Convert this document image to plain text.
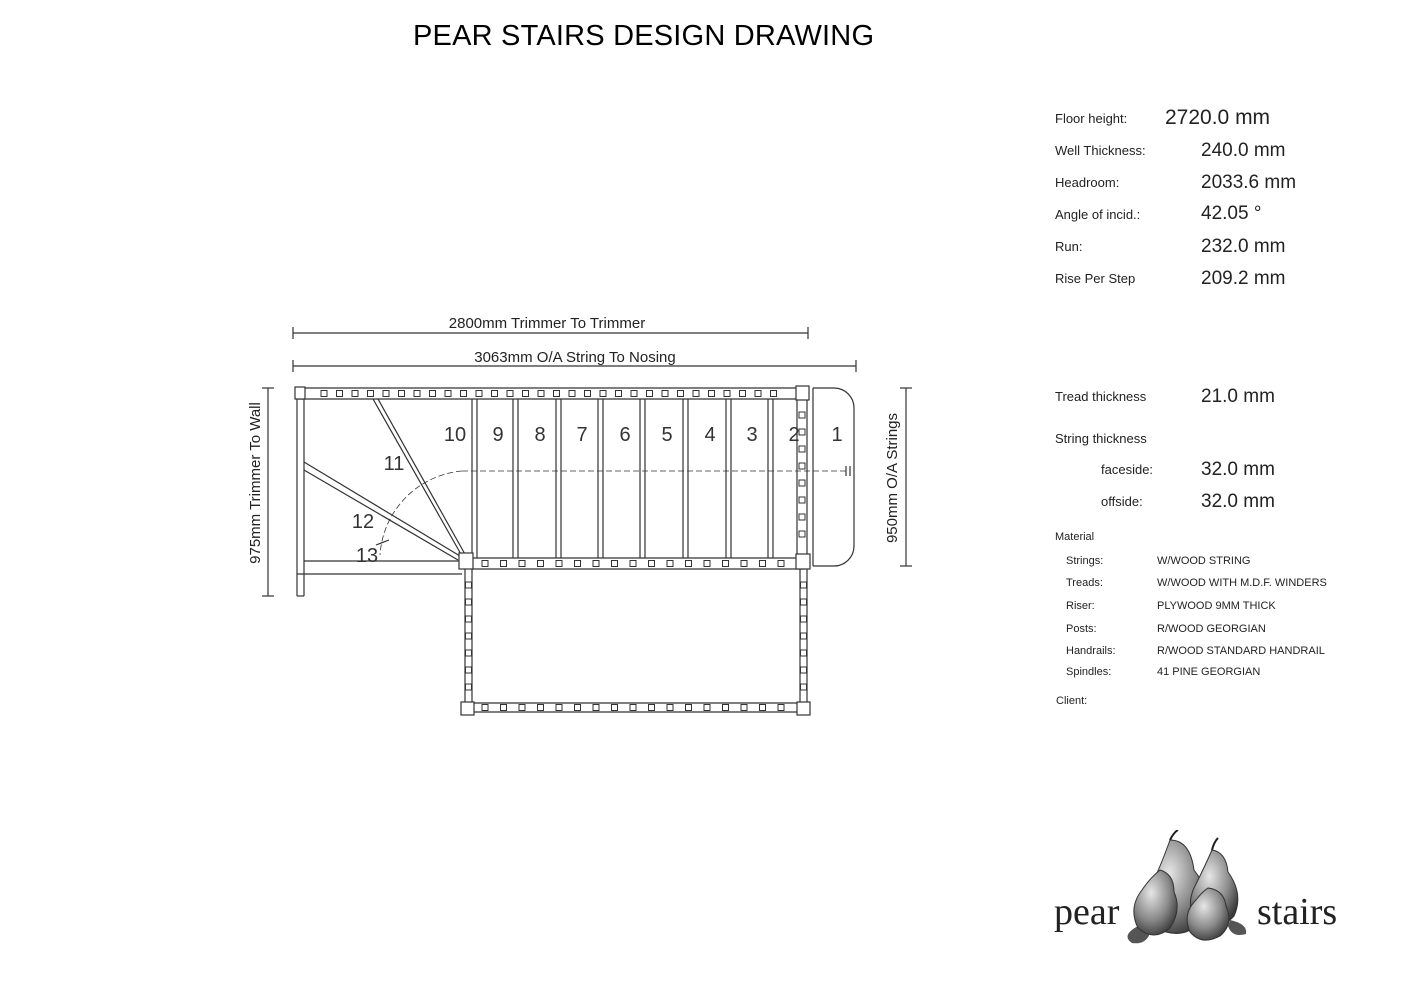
PEAR STAIRS DESIGN DRAWING
2800mm Trimmer To Trimmer
3063mm O/A String To Nosing
975mm Trimmer To Wall	950mm O/A Strings
1
2
3
4
5
6
7
8
9
10
11
12
13
Floor height: 2720.0 mm
Well Thickness:	240.0 mm
Headroom:	2033.6 mm
Angle of incid.:	42.05 °
Run:	232.0 mm
Rise Per Step	209.2 mm
Tread thickness	21.0 mm
String thickness
faceside:	32.0 mm
offside:	32.0 mm
Material
Strings:	W/WOOD STRING
Treads:	W/WOOD WITH M.D.F. WINDERS
Riser:	PLYWOOD 9MM THICK
Posts:	R/WOOD GEORGIAN
Handrails:	R/WOOD STANDARD HANDRAIL
Spindles:	41 PINE GEORGIAN
Client:
pear	stairs
